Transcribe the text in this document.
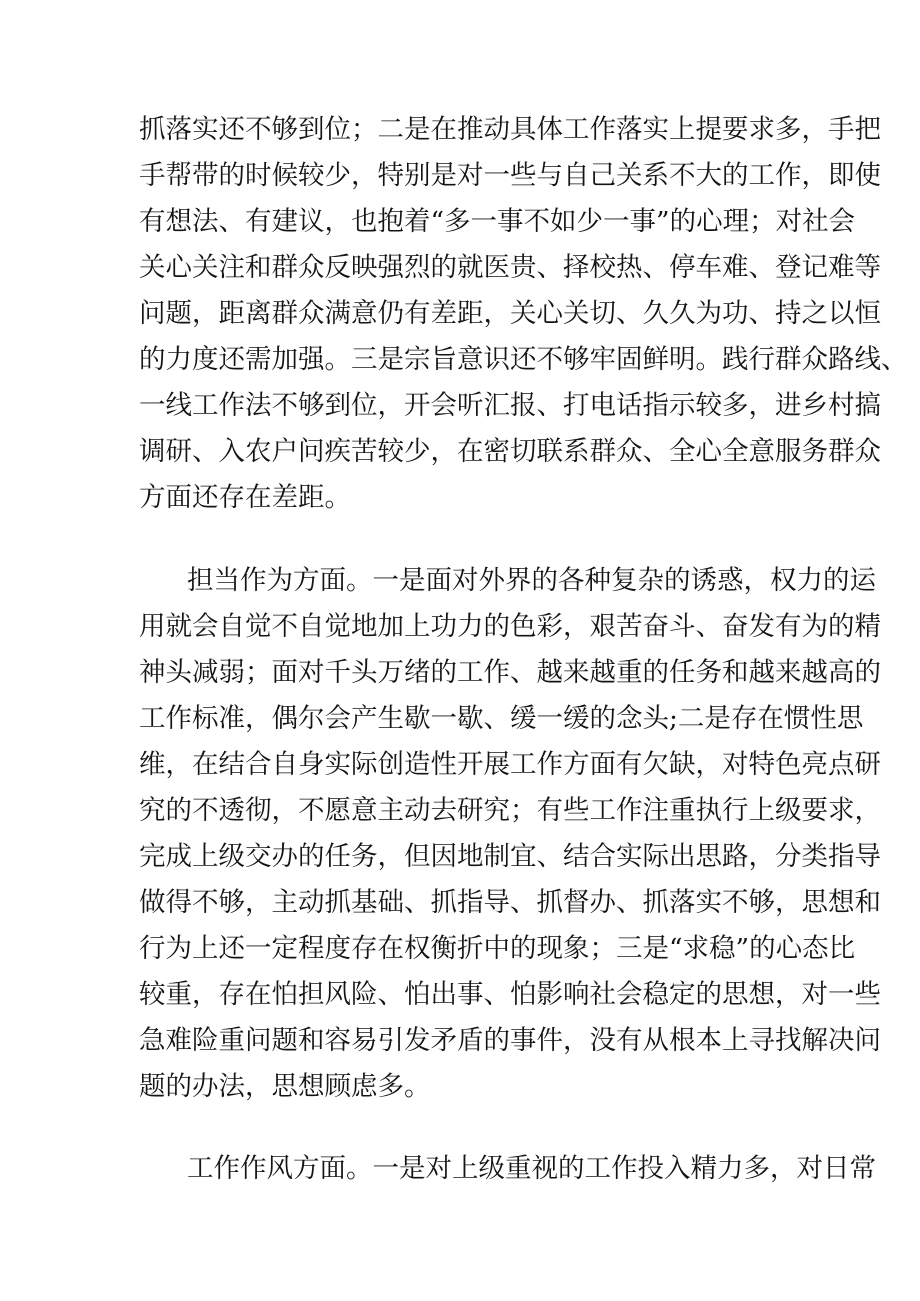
抓落实还不够到位；二是在推动具体工作落实上提要求多，手把
手帮带的时候较少，特别是对一些与自己关系不大的工作，即使
有想法、有建议，也抱着“多一事不如少一事”的心理；对社会
关心关注和群众反映强烈的就医贵、择校热、停车难、登记难等
问题，距离群众满意仍有差距，关心关切、久久为功、持之以恒
的力度还需加强。三是宗旨意识还不够牢固鲜明。践行群众路线、
一线工作法不够到位，开会听汇报、打电话指示较多，进乡村搞
调研、入农户问疾苦较少，在密切联系群众、全心全意服务群众
方面还存在差距。
担当作为方面。一是面对外界的各种复杂的诱惑，权力的运
用就会自觉不自觉地加上功力的色彩，艰苦奋斗、奋发有为的精
神头减弱；面对千头万绪的工作、越来越重的任务和越来越高的
工作标准，偶尔会产生歇一歇、缓一缓的念头;二是存在惯性思
维，在结合自身实际创造性开展工作方面有欠缺，对特色亮点研
究的不透彻，不愿意主动去研究；有些工作注重执行上级要求，
完成上级交办的任务，但因地制宜、结合实际出思路，分类指导
做得不够，主动抓基础、抓指导、抓督办、抓落实不够，思想和
行为上还一定程度存在权衡折中的现象；三是“求稳”的心态比
较重，存在怕担风险、怕出事、怕影响社会稳定的思想，对一些
急难险重问题和容易引发矛盾的事件，没有从根本上寻找解决问
题的办法，思想顾虑多。
工作作风方面。一是对上级重视的工作投入精力多，对日常
